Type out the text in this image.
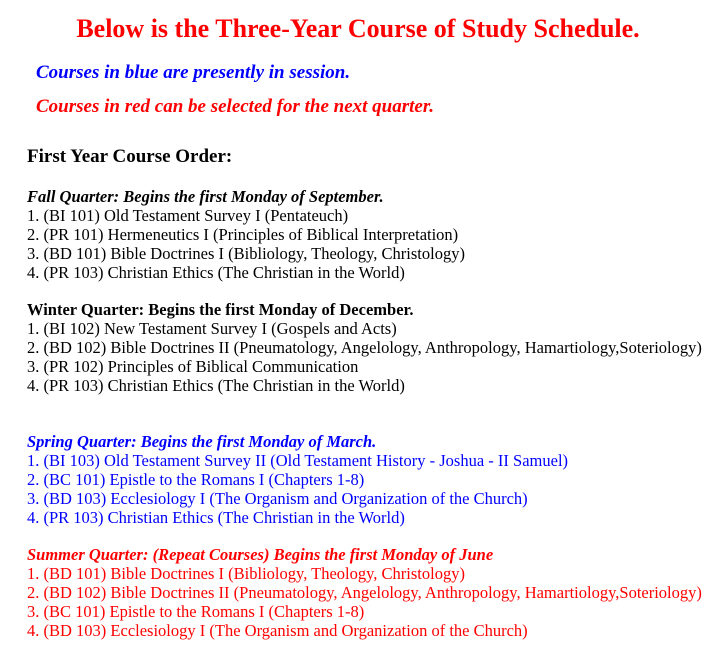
Below is the Three-Year Course of Study Schedule.

Courses in blue are presently in session.

Courses in red can be selected for the next quarter.

First Year Course Order:
Fall Quarter: Begins the first Monday of September.
1. (BI 101) Old Testament Survey I (Pentateuch)
2. (PR 101) Hermeneutics I (Principles of Biblical Interpretation)
3. (BD 101) Bible Doctrines I (Bibliology, Theology, Christology)
4. (PR 103) Christian Ethics (The Christian in the World)
Winter Quarter: Begins the first Monday of December.
1. (BI 102) New Testament Survey I (Gospels and Acts)
2. (BD 102) Bible Doctrines II (Pneumatology, Angelology, Anthropology, Hamartiology,Soteriology)
3. (PR 102) Principles of Biblical Communication
4. (PR 103) Christian Ethics (The Christian in the World)
Spring Quarter: Begins the first Monday of March.
1. (BI 103) Old Testament Survey II (Old Testament History - Joshua - II Samuel)
2. (BC 101) Epistle to the Romans I (Chapters 1-8)
3. (BD 103) Ecclesiology I (The Organism and Organization of the Church)
4. (PR 103) Christian Ethics (The Christian in the World)
Summer Quarter: (Repeat Courses) Begins the first Monday of June
1. (BD 101) Bible Doctrines I (Bibliology, Theology, Christology)
2. (BD 102) Bible Doctrines II (Pneumatology, Angelology, Anthropology, Hamartiology,Soteriology)
3. (BC 101) Epistle to the Romans I (Chapters 1-8)
4. (BD 103) Ecclesiology I (The Organism and Organization of the Church)
